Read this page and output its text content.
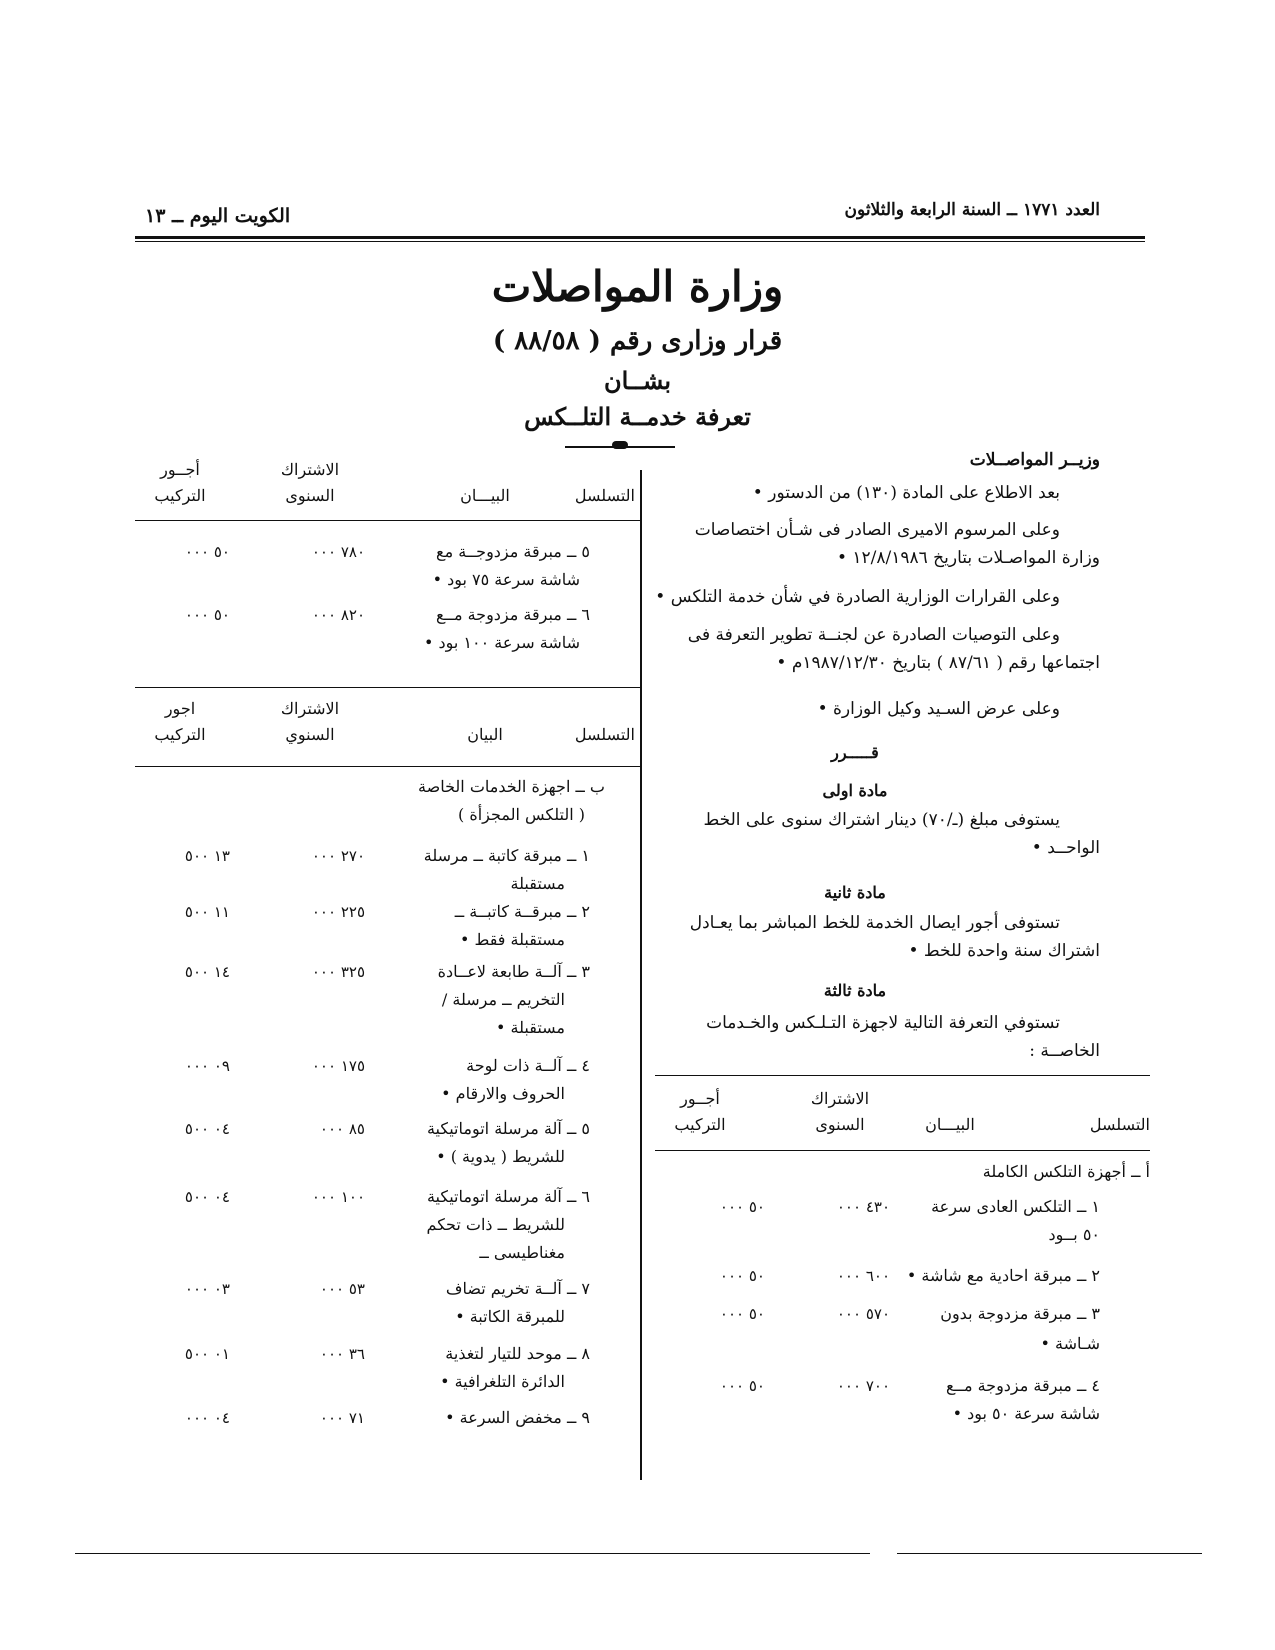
العدد ١٧٧١ ــ السنة الرابعة والثلاثون
الكويت اليوم ــ ١٣
وزارة المواصلات
قرار وزارى رقم ( ٨٨/٥٨ )
بشــان
تعرفة خدمــة التلــكس
وزيــر المواصــلات
بعد الاطلاع على المادة (١٣٠) من الدستور •
وعلى المرسوم الاميرى الصادر فى شـأن اختصاصات
وزارة المواصـلات بتاريخ ١٢/٨/١٩٨٦ •
وعلى القرارات الوزارية الصادرة في شأن خدمة التلكس •
وعلى التوصيات الصادرة عن لجنــة تطوير التعرفة فى
اجتماعها رقم ( ٨٧/٦١ ) بتاريخ ١٩٨٧/١٢/٣٠م •
وعلى عرض السـيد وكيل الوزارة •
قـــــرر
مادة اولى
يستوفى مبلغ (ـ/٧٠) دينار اشتراك سنوى على الخط
الواحــد •
مادة ثانية
تستوفى أجور ايصال الخدمة للخط المباشر بما يعـادل
اشتراك سنة واحدة للخط •
مادة ثالثة
تستوفي التعرفة التالية لاجهزة التـلـكس والخـدمات
الخاصــة :
التسلسل
البيـــان
الاشتراك
السنوى
أجــور
التركيب
أ ــ أجهزة التلكس الكاملة
١ ــ التلكس العادى سرعة
٥٠ بــود
٤٣٠ ٠٠٠
٥٠ ٠٠٠
٢ ــ مبرقة احادية مع شاشة •
٦٠٠ ٠٠٠
٥٠ ٠٠٠
٣ ــ مبرقة مزدوجة بدون
شـاشة •
٥٧٠ ٠٠٠
٥٠ ٠٠٠
٤ ــ مبرقة مزدوجة مــع
شاشة سرعة ٥٠ بود •
٧٠٠ ٠٠٠
٥٠ ٠٠٠
التسلسل
البيـــان
الاشتراك
السنوى
أجــور
التركيب
٥ ــ مبرقة مزدوجــة مع
شاشة سرعة ٧٥ بود •
٧٨٠ ٠٠٠
٥٠ ٠٠٠
٦ ــ مبرقة مزدوجة مــع
شاشة سرعة ١٠٠ بود •
٨٢٠ ٠٠٠
٥٠ ٠٠٠
التسلسل
البيان
الاشتراك
السنوي
اجور
التركيب
ب ــ اجهزة الخدمات الخاصة
( التلكس المجزأة )
١ ــ مبرقة كاتبة ــ مرسلة
مستقبلة
٢٧٠ ٠٠٠
١٣ ٥٠٠
٢ ــ مبرقــة كاتبــة ــ
مستقبلة فقط •
٢٢٥ ٠٠٠
١١ ٥٠٠
٣ ــ آلــة طابعة لاعــادة
التخريم ــ مرسلة /
مستقبلة •
٣٢٥ ٠٠٠
١٤ ٥٠٠
٤ ــ آلــة ذات لوحة
الحروف والارقام •
١٧٥ ٠٠٠
٠٩ ٠٠٠
٥ ــ آلة مرسلة اتوماتيكية
للشريط ( يدوية ) •
٨٥ ٠٠٠
٠٤ ٥٠٠
٦ ــ آلة مرسلة اتوماتيكية
للشريط ــ ذات تحكم
مغناطيسى ــ
١٠٠ ٠٠٠
٠٤ ٥٠٠
٧ ــ آلــة تخريم تضاف
للمبرقة الكاتبة •
٥٣ ٠٠٠
٠٣ ٠٠٠
٨ ــ موحد للتيار لتغذية
الدائرة التلغرافية •
٣٦ ٠٠٠
٠١ ٥٠٠
٩ ــ مخفض السرعة •
٧١ ٠٠٠
٠٤ ٠٠٠
